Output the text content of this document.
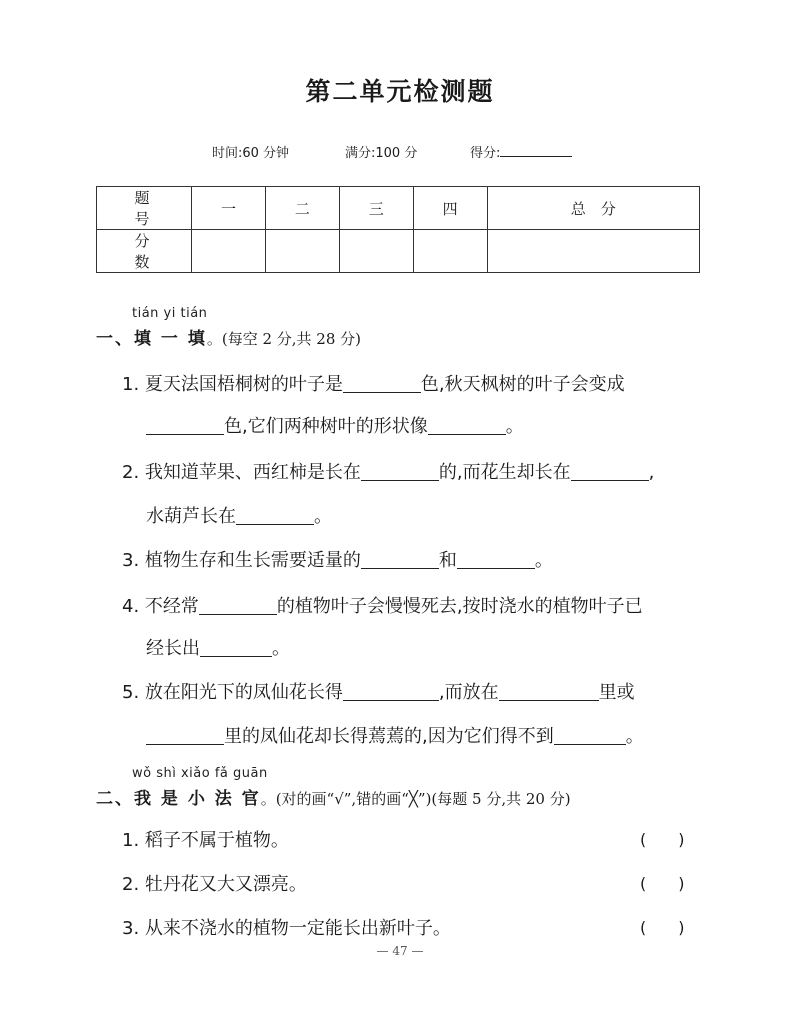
第二单元检测题
时间:60 分钟	满分:100 分	得分:
题　号	一	二	三	四	总　分
分　数					
tián yi tián
一、填 一 填。(每空 2 分,共 28 分)
1. 夏天法国梧桐树的叶子是	色,秋天枫树的叶子会变成
色,它们两种树叶的形状像	。
2. 我知道苹果、西红柿是长在	的,而花生却长在	,
水葫芦长在	。
3. 植物生存和生长需要适量的	和	。
4. 不经常	的植物叶子会慢慢死去,按时浇水的植物叶子已
经长出	。
5. 放在阳光下的凤仙花长得	,而放在	里或
里的凤仙花却长得蔫蔫的,因为它们得不到	。
wǒ shì xiǎo fǎ guān
二、我 是 小 法 官。(对的画“√”,错的画“╳”)(每题 5 分,共 20 分)
1. 稻子不属于植物。	(　　)
2. 牡丹花又大又漂亮。	(　　)
3. 从来不浇水的植物一定能长出新叶子。	(　　)
— 47 —
